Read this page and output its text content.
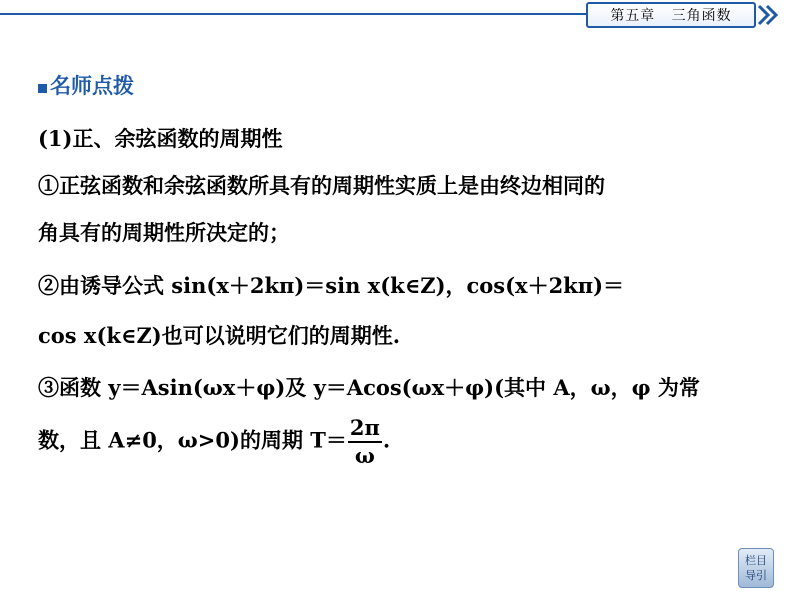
第五章
三角函数
名师点拨
(1)正、余弦函数的周期性
①正弦函数和余弦函数所具有的周期性实质上是由终边相同的
角具有的周期性所决定的；
②由诱导公式 sin(x＋2kπ)＝sin x(k∈Z)，cos(x＋2kπ)＝
cos x(k∈Z)也可以说明它们的周期性.
③函数 y＝Asin(ωx＋φ)及 y＝Acos(ωx＋φ)(其中 A，ω，φ 为常
数，且 A≠0，ω>0)的周期 $T= \frac{2\pi}{\omega}$ .
栏目
导引
